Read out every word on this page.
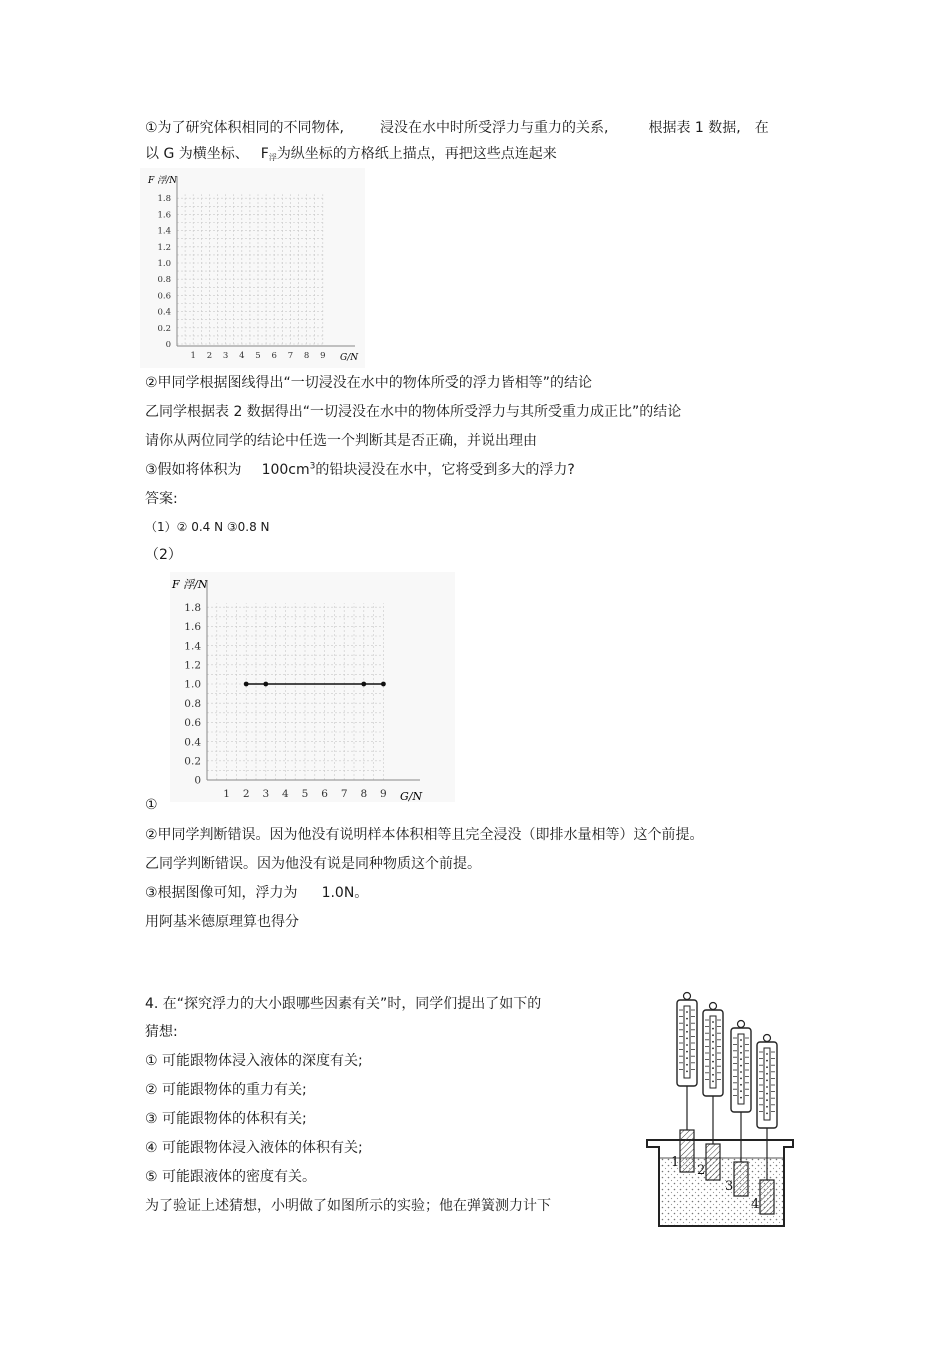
①为了研究体积相同的不同物体,	浸没在水中时所受浮力与重力的关系,	根据表 1 数据, 在
以 G 为横坐标、 $F_浮$为纵坐标的方格纸上描点，再把这些点连起来
F 浮/N
1.8
1.6
1.4
1.2
1.0
0.8
0.6
0.4
0.2
0
1 2 3 4 5 6 7 8 9 G/N
②甲同学根据图线得出“一切浸没在水中的物体所受的浮力皆相等”的结论
乙同学根据表 2 数据得出“一切浸没在水中的物体所受浮力与其所受重力成正比”的结论
请你从两位同学的结论中任选一个判断其是否正确，并说出理由
③假如将体积为 $100cm^3$的铅块浸没在水中，它将受到多大的浮力?
答案:
（1）② 0.4 N ③0.8 N
（2）
F 浮/N
1.8
1.6
1.4
1.2
1.0
0.8
0.6
0.4
0.2
0
1 2 3 4 5 6 7 8 9 G/N
①
②甲同学判断错误。因为他没有说明样本体积相等且完全浸没（即排水量相等）这个前提。
乙同学判断错误。因为他没有说是同种物质这个前提。
③根据图像可知，浮力为 1.0N。
用阿基米德原理算也得分
4. 在“探究浮力的大小跟哪些因素有关”时，同学们提出了如下的
猜想:
① 可能跟物体浸入液体的深度有关;
② 可能跟物体的重力有关;
③ 可能跟物体的体积有关;
④ 可能跟物体浸入液体的体积有关;
⑤ 可能跟液体的密度有关。
为了验证上述猜想，小明做了如图所示的实验；他在弹簧测力计下
1
2
3
4
